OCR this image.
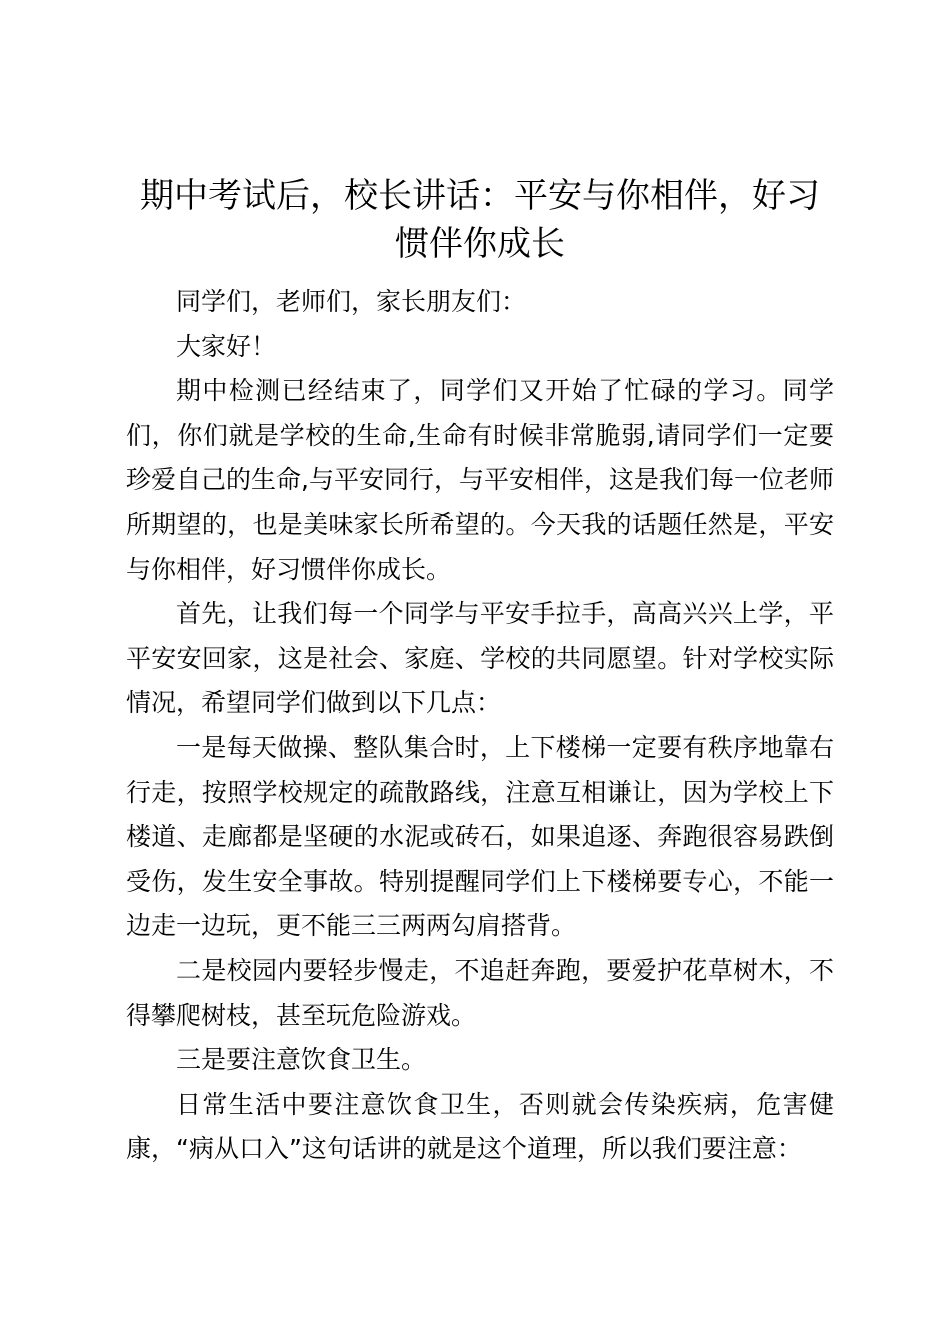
期中考试后，校长讲话：平安与你相伴，好习惯伴你成长

同学们，老师们，家长朋友们：

大家好！

期中检测已经结束了，同学们又开始了忙碌的学习。同学们，你们就是学校的生命,生命有时候非常脆弱,请同学们一定要珍爱自己的生命,与平安同行，与平安相伴，这是我们每一位老师所期望的，也是美味家长所希望的。今天我的话题任然是，平安与你相伴，好习惯伴你成长。

首先，让我们每一个同学与平安手拉手，高高兴兴上学，平平安安回家，这是社会、家庭、学校的共同愿望。针对学校实际情况，希望同学们做到以下几点：

一是每天做操、整队集合时，上下楼梯一定要有秩序地靠右行走，按照学校规定的疏散路线，注意互相谦让，因为学校上下楼道、走廊都是坚硬的水泥或砖石，如果追逐、奔跑很容易跌倒受伤，发生安全事故。特别提醒同学们上下楼梯要专心，不能一边走一边玩，更不能三三两两勾肩搭背。

二是校园内要轻步慢走，不追赶奔跑，要爱护花草树木，不得攀爬树枝，甚至玩危险游戏。

三是要注意饮食卫生。

日常生活中要注意饮食卫生，否则就会传染疾病，危害健康，“病从口入”这句话讲的就是这个道理，所以我们要注意：
